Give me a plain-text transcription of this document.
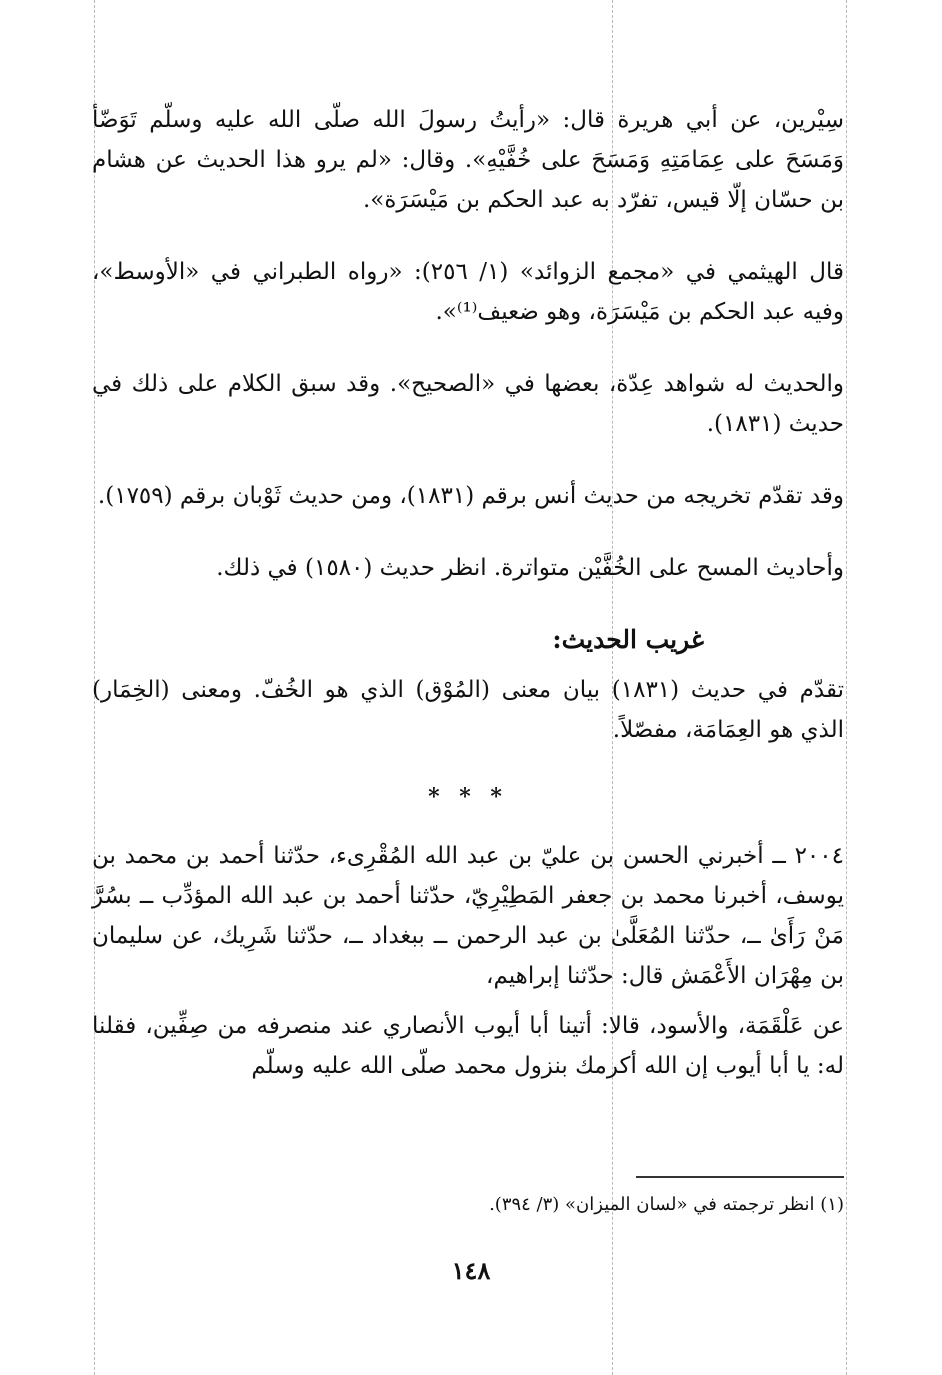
سِيْرين، عن أبي هريرة قال: «رأيتُ رسولَ الله صلّى الله عليه وسلّم تَوَضّأ وَمَسَحَ على عِمَامَتِهِ وَمَسَحَ على خُفَّيْهِ». وقال: «لم يرو هذا الحديث عن هشام بن حسّان إلّا قيس، تفرّد به عبد الحكم بن مَيْسَرَة».

قال الهيثمي في «مجمع الزوائد» (١/ ٢٥٦): «رواه الطبراني في «الأوسط»، وفيه عبد الحكم بن مَيْسَرَة، وهو ضعيف⁽¹⁾».

والحديث له شواهد عِدّة، بعضها في «الصحيح». وقد سبق الكلام على ذلك في حديث (١٨٣١).

وقد تقدّم تخريجه من حديث أنس برقم (١٨٣١)، ومن حديث ثَوْبان برقم (١٧٥٩).

وأحاديث المسح على الخُفَّيْن متواترة. انظر حديث (١٥٨٠) في ذلك.

غريب الحديث:

تقدّم في حديث (١٨٣١) بيان معنى (المُوْق) الذي هو الخُفّ. ومعنى (الخِمَار) الذي هو العِمَامَة، مفصّلاً.

* * *

٢٠٠٤ ــ أخبرني الحسن بن عليّ بن عبد الله المُقْرِىء، حدّثنا أحمد بن محمد بن يوسف، أخبرنا محمد بن جعفر المَطِيْرِيّ، حدّثنا أحمد بن عبد الله المؤدِّب ــ بسُرَّ مَنْ رَأَىٰ ــ، حدّثنا المُعَلَّىٰ بن عبد الرحمن ــ ببغداد ــ، حدّثنا شَرِيك، عن سليمان بن مِهْرَان الأَعْمَش قال: حدّثنا إبراهيم،

عن عَلْقَمَة، والأسود، قالا: أتينا أبا أيوب الأنصاري عند منصرفه من صِفِّين، فقلنا له: يا أبا أيوب إن الله أكرمك بنزول محمد صلّى الله عليه وسلّم

(١) انظر ترجمته في «لسان الميزان» (٣/ ٣٩٤).
١٤٨
